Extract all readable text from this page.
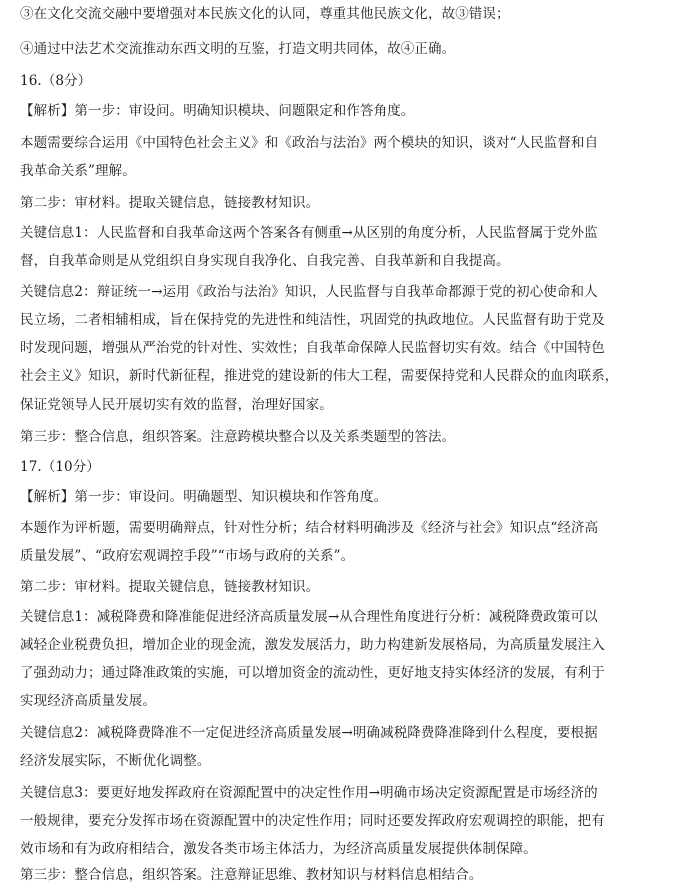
③在文化交流交融中要增强对本民族文化的认同，尊重其他民族文化，故③错误；
④通过中法艺术交流推动东西文明的互鉴，打造文明共同体，故④正确。
16.（8分）
【解析】第一步：审设问。明确知识模块、问题限定和作答角度。
本题需要综合运用《中国特色社会主义》和《政治与法治》两个模块的知识，谈对“人民监督和自
我革命关系”理解。
第二步：审材料。提取关键信息，链接教材知识。
关键信息1：人民监督和自我革命这两个答案各有侧重→从区别的角度分析，人民监督属于党外监
督，自我革命则是从党组织自身实现自我净化、自我完善、自我革新和自我提高。
关键信息2：辩证统一→运用《政治与法治》知识，人民监督与自我革命都源于党的初心使命和人
民立场，二者相辅相成，旨在保持党的先进性和纯洁性，巩固党的执政地位。人民监督有助于党及
时发现问题，增强从严治党的针对性、实效性；自我革命保障人民监督切实有效。结合《中国特色
社会主义》知识，新时代新征程，推进党的建设新的伟大工程，需要保持党和人民群众的血肉联系，
保证党领导人民开展切实有效的监督，治理好国家。
第三步：整合信息，组织答案。注意跨模块整合以及关系类题型的答法。
17.（10分）
【解析】第一步：审设问。明确题型、知识模块和作答角度。
本题作为评析题，需要明确辩点，针对性分析；结合材料明确涉及《经济与社会》知识点“经济高
质量发展”、“政府宏观调控手段”“市场与政府的关系”。
第二步：审材料。提取关键信息，链接教材知识。
关键信息1：减税降费和降准能促进经济高质量发展→从合理性角度进行分析：减税降费政策可以
减轻企业税费负担，增加企业的现金流，激发发展活力，助力构建新发展格局，为高质量发展注入
了强劲动力；通过降准政策的实施，可以增加资金的流动性，更好地支持实体经济的发展，有利于
实现经济高质量发展。
关键信息2：减税降费降准不一定促进经济高质量发展→明确减税降费降准降到什么程度，要根据
经济发展实际，不断优化调整。
关键信息3：要更好地发挥政府在资源配置中的决定性作用→明确市场决定资源配置是市场经济的
一般规律，要充分发挥市场在资源配置中的决定性作用；同时还要发挥政府宏观调控的职能，把有
效市场和有为政府相结合，激发各类市场主体活力，为经济高质量发展提供体制保障。
第三步：整合信息，组织答案。注意辩证思维、教材知识与材料信息相结合。
